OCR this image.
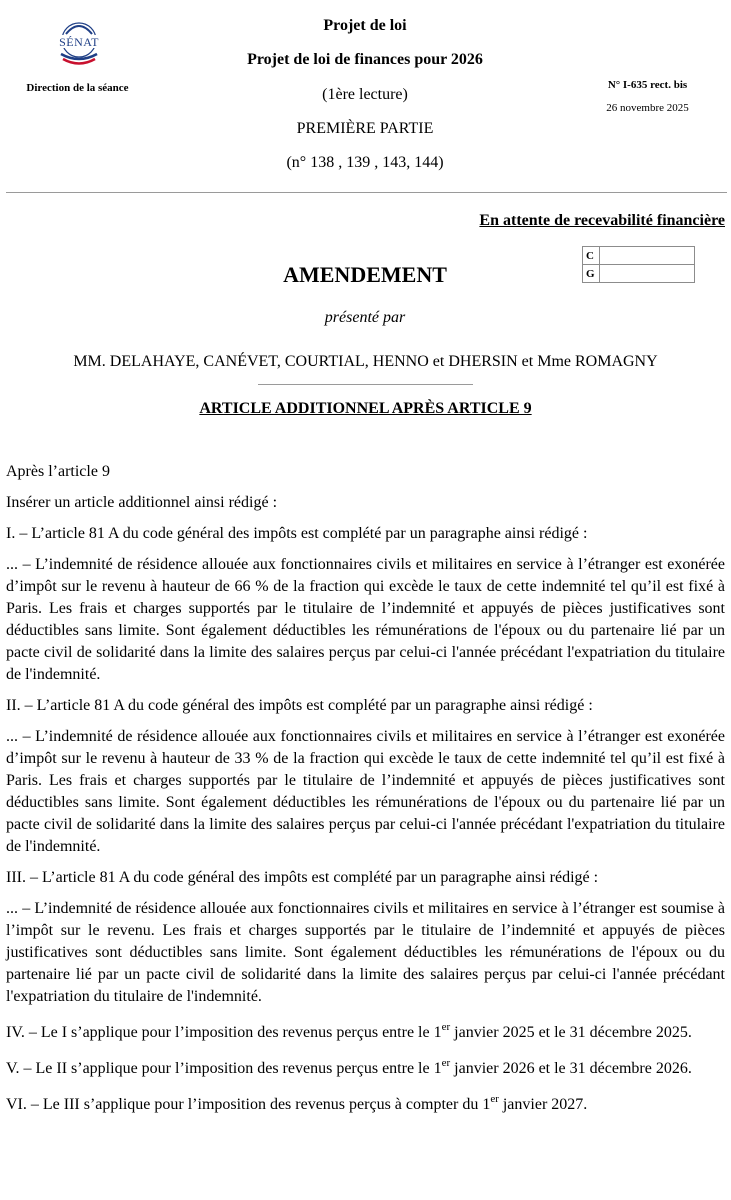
SÉNAT
Direction de la séance
Projet de loi
Projet de loi de finances pour 2026
(1ère lecture)
PREMIÈRE PARTIE
(n° 138 , 139 , 143, 144)
N° I-635 rect. bis
26 novembre 2025
En attente de recevabilité financière
C	
G	
AMENDEMENT
présenté par
MM. DELAHAYE, CANÉVET, COURTIAL, HENNO et DHERSIN et Mme ROMAGNY
ARTICLE ADDITIONNEL APRÈS ARTICLE 9

Après l’article 9

Insérer un article additionnel ainsi rédigé :

I. – L’article 81 A du code général des impôts est complété par un paragraphe ainsi rédigé :

... – L’indemnité de résidence allouée aux fonctionnaires civils et militaires en service à l’étranger est exonérée d’impôt sur le revenu à hauteur de 66 % de la fraction qui excède le taux de cette indemnité tel qu’il est fixé à Paris. Les frais et charges supportés par le titulaire de l’indemnité et appuyés de pièces justificatives sont déductibles sans limite. Sont également déductibles les rémunérations de l'époux ou du partenaire lié par un pacte civil de solidarité dans la limite des salaires perçus par celui-ci l'année précédant l'expatriation du titulaire de l'indemnité.

II. – L’article 81 A du code général des impôts est complété par un paragraphe ainsi rédigé :

... – L’indemnité de résidence allouée aux fonctionnaires civils et militaires en service à l’étranger est exonérée d’impôt sur le revenu à hauteur de 33 % de la fraction qui excède le taux de cette indemnité tel qu’il est fixé à Paris. Les frais et charges supportés par le titulaire de l’indemnité et appuyés de pièces justificatives sont déductibles sans limite. Sont également déductibles les rémunérations de l'époux ou du partenaire lié par un pacte civil de solidarité dans la limite des salaires perçus par celui-ci l'année précédant l'expatriation du titulaire de l'indemnité.

III. – L’article 81 A du code général des impôts est complété par un paragraphe ainsi rédigé :

... – L’indemnité de résidence allouée aux fonctionnaires civils et militaires en service à l’étranger est soumise à l’impôt sur le revenu. Les frais et charges supportés par le titulaire de l’indemnité et appuyés de pièces justificatives sont déductibles sans limite. Sont également déductibles les rémunérations de l'époux ou du partenaire lié par un pacte civil de solidarité dans la limite des salaires perçus par celui-ci l'année précédant l'expatriation du titulaire de l'indemnité.

IV. – Le I s’applique pour l’imposition des revenus perçus entre le 1er janvier 2025 et le 31 décembre 2025.

V. – Le II s’applique pour l’imposition des revenus perçus entre le 1er janvier 2026 et le 31 décembre 2026.

VI. – Le III s’applique pour l’imposition des revenus perçus à compter du 1er janvier 2027.
